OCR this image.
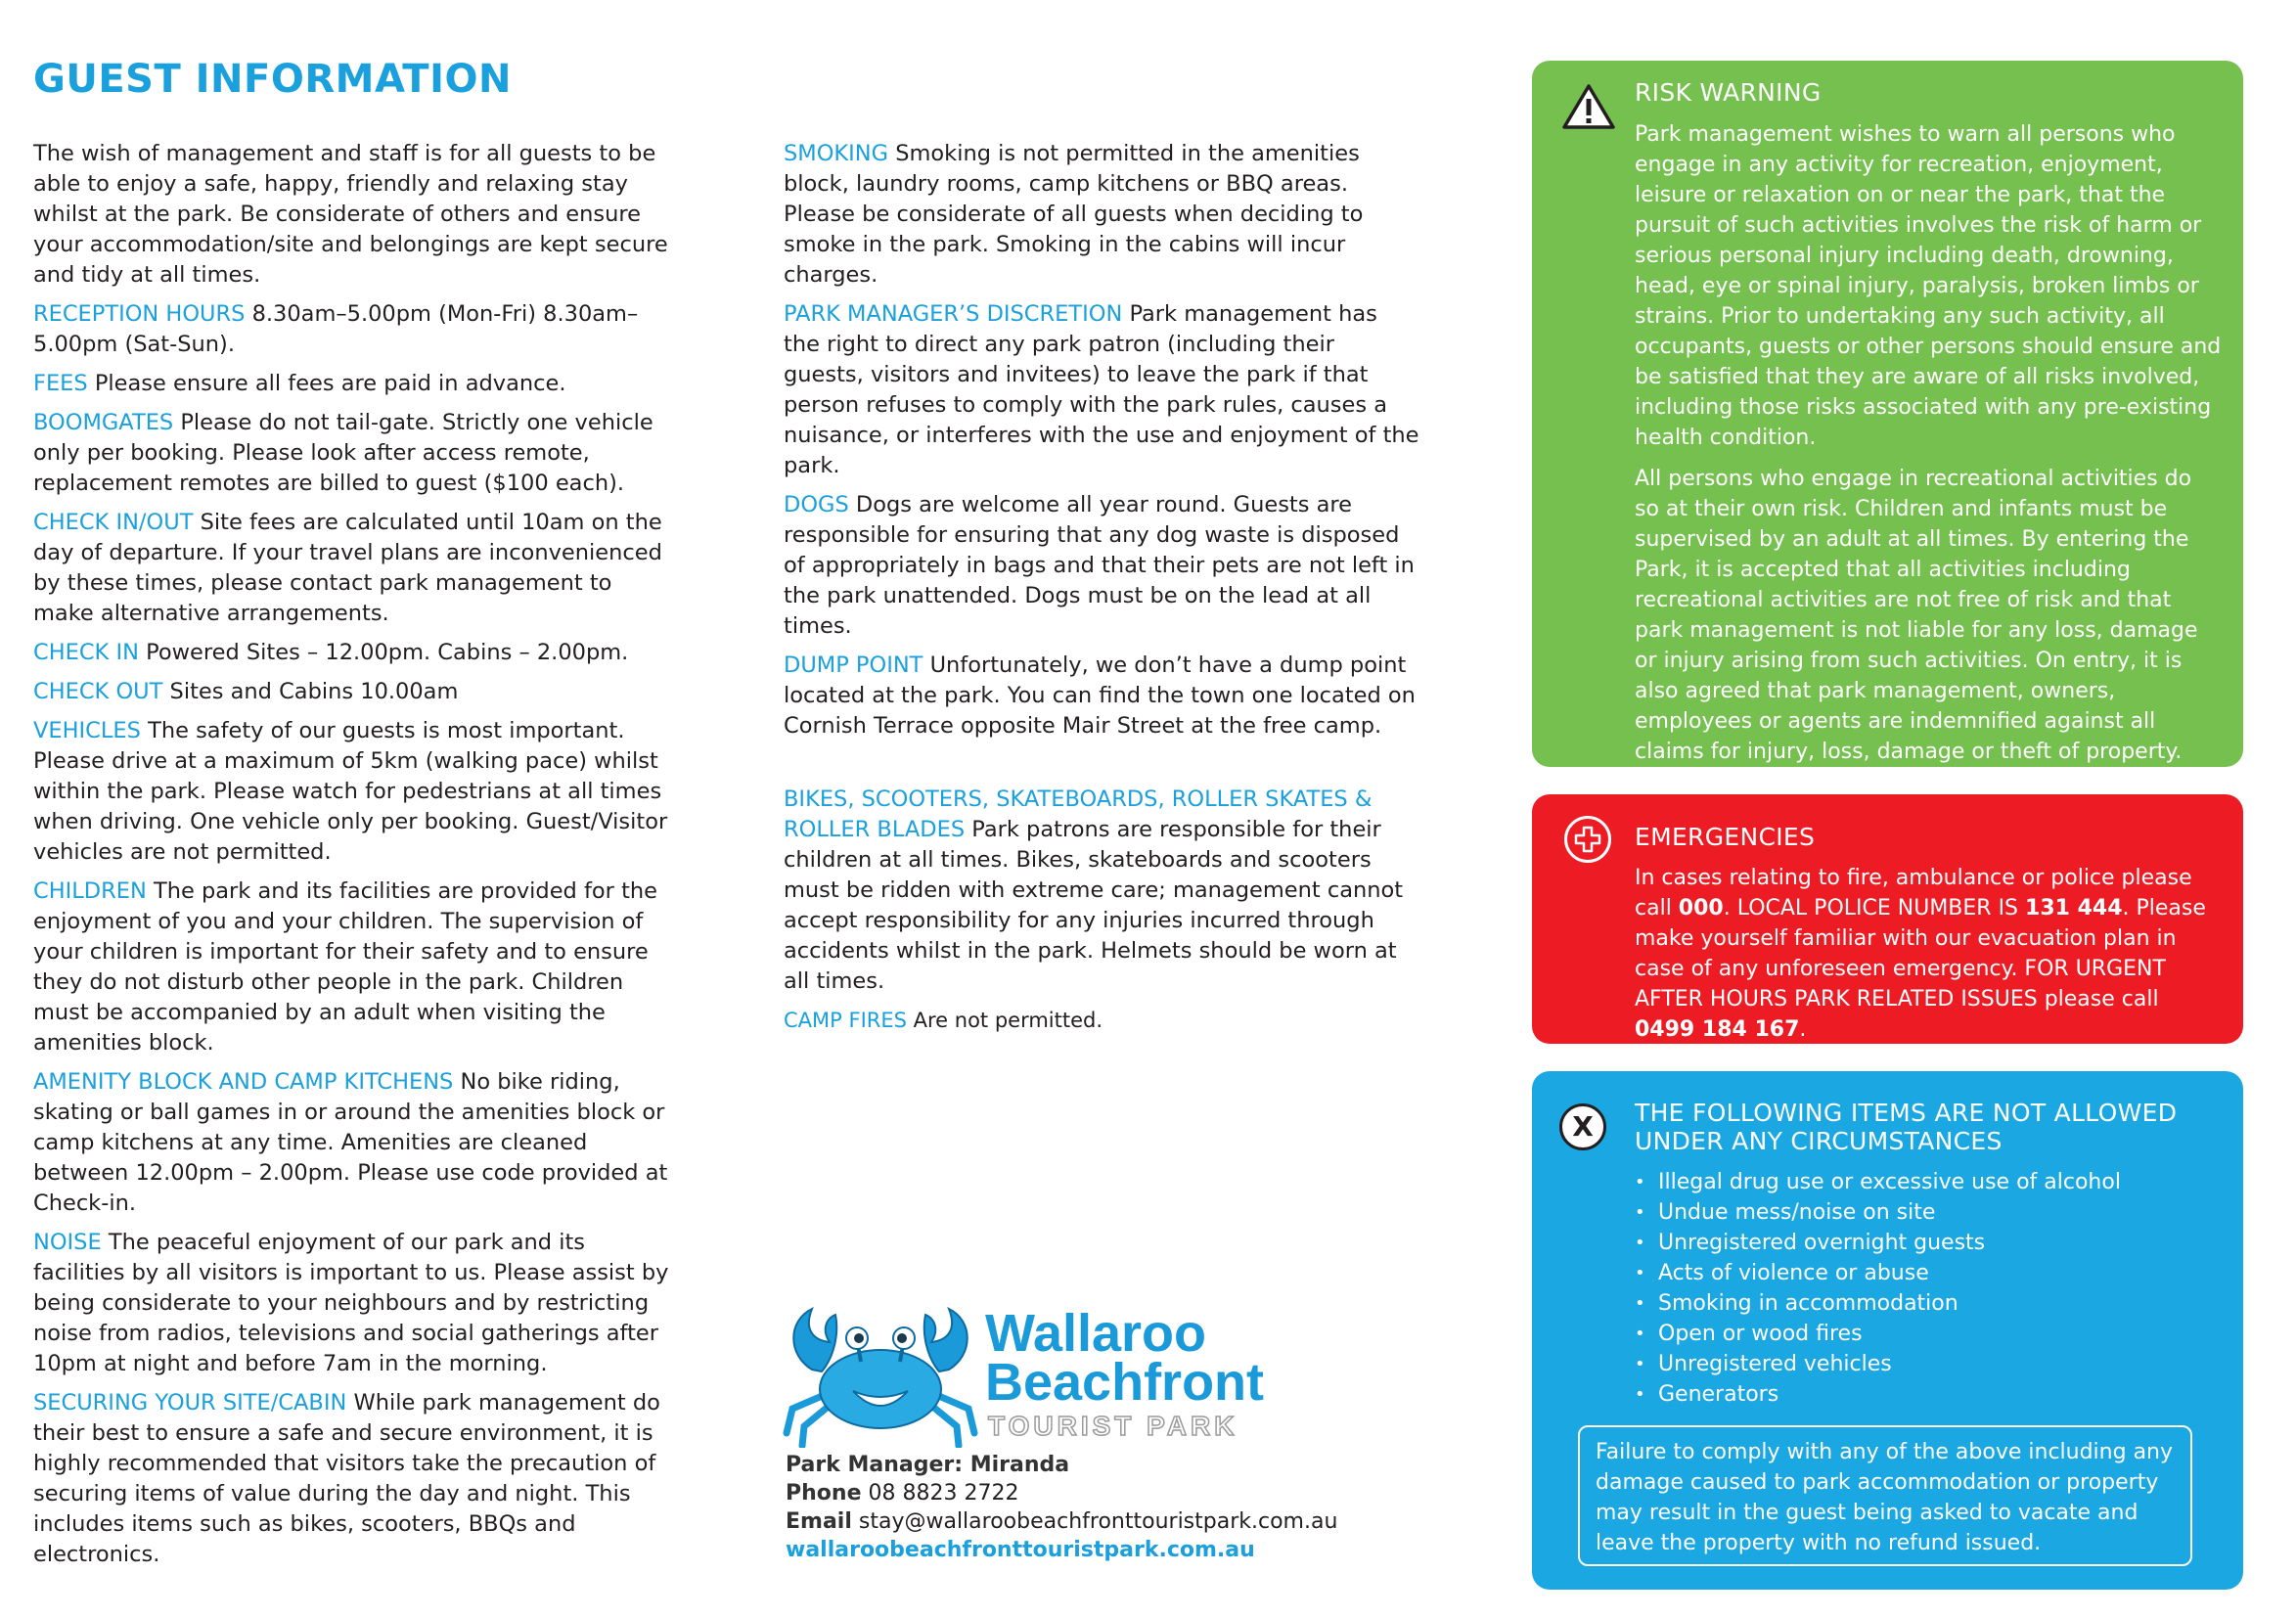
GUEST INFORMATION

The wish of management and staff is for all guests to be able to enjoy a safe, happy, friendly and relaxing stay whilst at the park. Be considerate of others and ensure your accommodation/site and belongings are kept secure and tidy at all times.

RECEPTION HOURS 8.30am–5.00pm (Mon-Fri) 8.30am–5.00pm (Sat-Sun).

FEES Please ensure all fees are paid in advance.

BOOMGATES Please do not tail-gate. Strictly one vehicle only per booking. Please look after access remote, replacement remotes are billed to guest ($100 each).

CHECK IN/OUT Site fees are calculated until 10am on the day of departure. If your travel plans are inconvenienced by these times, please contact park management to make alternative arrangements.

CHECK IN Powered Sites – 12.00pm. Cabins – 2.00pm.

CHECK OUT Sites and Cabins 10.00am

VEHICLES The safety of our guests is most important. Please drive at a maximum of 5km (walking pace) whilst within the park. Please watch for pedestrians at all times when driving. One vehicle only per booking. Guest/Visitor vehicles are not permitted.

CHILDREN The park and its facilities are provided for the enjoyment of you and your children. The supervision of your children is important for their safety and to ensure they do not disturb other people in the park. Children must be accompanied by an adult when visiting the amenities block.

AMENITY BLOCK AND CAMP KITCHENS No bike riding, skating or ball games in or around the amenities block or camp kitchens at any time. Amenities are cleaned between 12.00pm – 2.00pm. Please use code provided at Check-in.

NOISE The peaceful enjoyment of our park and its facilities by all visitors is important to us. Please assist by being considerate to your neighbours and by restricting noise from radios, televisions and social gatherings after 10pm at night and before 7am in the morning.

SECURING YOUR SITE/CABIN While park management do their best to ensure a safe and secure environment, it is highly recommended that visitors take the precaution of securing items of value during the day and night. This includes items such as bikes, scooters, BBQs and electronics.

SMOKING Smoking is not permitted in the amenities block, laundry rooms, camp kitchens or BBQ areas. Please be considerate of all guests when deciding to smoke in the park. Smoking in the cabins will incur charges.

PARK MANAGER’S DISCRETION Park management has the right to direct any park patron (including their guests, visitors and invitees) to leave the park if that person refuses to comply with the park rules, causes a nuisance, or interferes with the use and enjoyment of the park.

DOGS Dogs are welcome all year round. Guests are responsible for ensuring that any dog waste is disposed of appropriately in bags and that their pets are not left in the park unattended. Dogs must be on the lead at all times.

DUMP POINT Unfortunately, we don’t have a dump point located at the park. You can find the town one located on Cornish Terrace opposite Mair Street at the free camp.

BIKES, SCOOTERS, SKATEBOARDS, ROLLER SKATES & ROLLER BLADES Park patrons are responsible for their children at all times. Bikes, skateboards and scooters must be ridden with extreme care; management cannot accept responsibility for any injuries incurred through accidents whilst in the park. Helmets should be worn at all times.

CAMP FIRES Are not permitted.

Wallaroo
Beachfront
TOURIST PARK
Park Manager: Miranda
Phone 08 8823 2722
Email stay@wallaroobeachfronttouristpark.com.au
wallaroobeachfronttouristpark.com.au
RISK WARNING

Park management wishes to warn all persons who engage in any activity for recreation, enjoyment, leisure or relaxation on or near the park, that the pursuit of such activities involves the risk of harm or serious personal injury including death, drowning, head, eye or spinal injury, paralysis, broken limbs or strains. Prior to undertaking any such activity, all occupants, guests or other persons should ensure and be satisfied that they are aware of all risks involved, including those risks associated with any pre-existing health condition.

All persons who engage in recreational activities do so at their own risk. Children and infants must be supervised by an adult at all times. By entering the Park, it is accepted that all activities including recreational activities are not free of risk and that park management is not liable for any loss, damage or injury arising from such activities. On entry, it is also agreed that park management, owners, employees or agents are indemnified against all claims for injury, loss, damage or theft of property.

EMERGENCIES
In cases relating to fire, ambulance or police please call 000. LOCAL POLICE NUMBER IS 131 444. Please make yourself familiar with our evacuation plan in case of any unforeseen emergency. FOR URGENT AFTER HOURS PARK RELATED ISSUES please call 0499 184 167.
X THE FOLLOWING ITEMS ARE NOT ALLOWED UNDER ANY CIRCUMSTANCES
• Illegal drug use or excessive use of alcohol
• Undue mess/noise on site
• Unregistered overnight guests
• Acts of violence or abuse
• Smoking in accommodation
• Open or wood fires
• Unregistered vehicles
• Generators
Failure to comply with any of the above including any damage caused to park accommodation or property may result in the guest being asked to vacate and leave the property with no refund issued.
